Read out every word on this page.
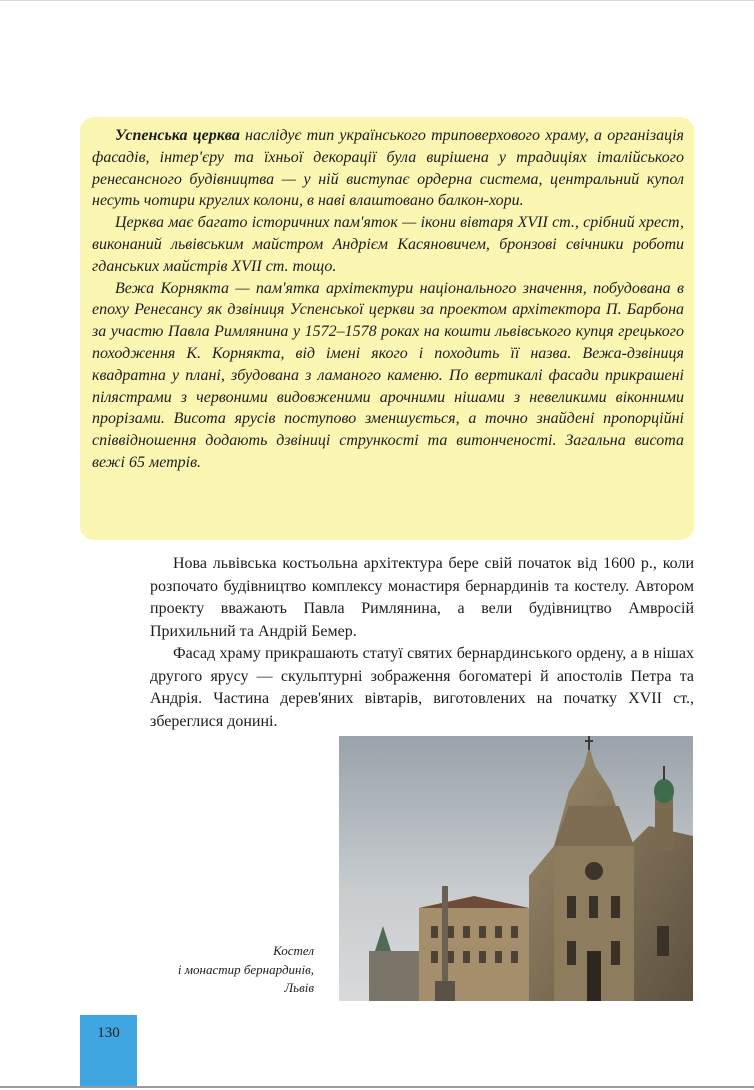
Успенська церква наслідує тип українського триповерхового храму, а організація фасадів, інтер'єру та їхньої декорації була вирішена у традиціях італійського ренесансного будівництва — у ній виступає ордерна система, центральний купол несуть чотири круглих колони, в наві влаштовано балкон-хори.

Церква має багато історичних пам'яток — ікони вівтаря XVII ст., срібний хрест, виконаний львівським майстром Андрієм Касяновичем, бронзові свічники роботи гданських майстрів XVII ст. тощо.

Вежа Корнякта — пам'ятка архітектури національного значення, побудована в епоху Ренесансу як дзвіниця Успенської церкви за проектом архітектора П. Барбона за участю Павла Римлянина у 1572–1578 роках на кошти львівського купця грецького походження К. Корнякта, від імені якого і походить її назва. Вежа-дзвіниця квадратна у плані, збудована з ламаного каменю. По вертикалі фасади прикрашені пілястрами з червоними видовженими арочними нішами з невеликими віконними прорізами. Висота ярусів поступово зменшується, а точно знайдені пропорційні співвідношення додають дзвіниці стрункості та витонченості. Загальна висота вежі 65 метрів.

Нова львівська костьольна архітектура бере свій початок від 1600 р., коли розпочато будівництво комплексу монастиря бернардинів та костелу. Автором проекту вважають Павла Римлянина, а вели будівництво Амвросій Прихильний та Андрій Бемер.

Фасад храму прикрашають статуї святих бернардинського ордену, а в нішах другого ярусу — скульптурні зображення богоматері й апостолів Петра та Андрія. Частина дерев'яних вівтарів, виготовлених на початку XVII ст., збереглися донині.

Костел
і монастир бернардинів,
Львів
130
